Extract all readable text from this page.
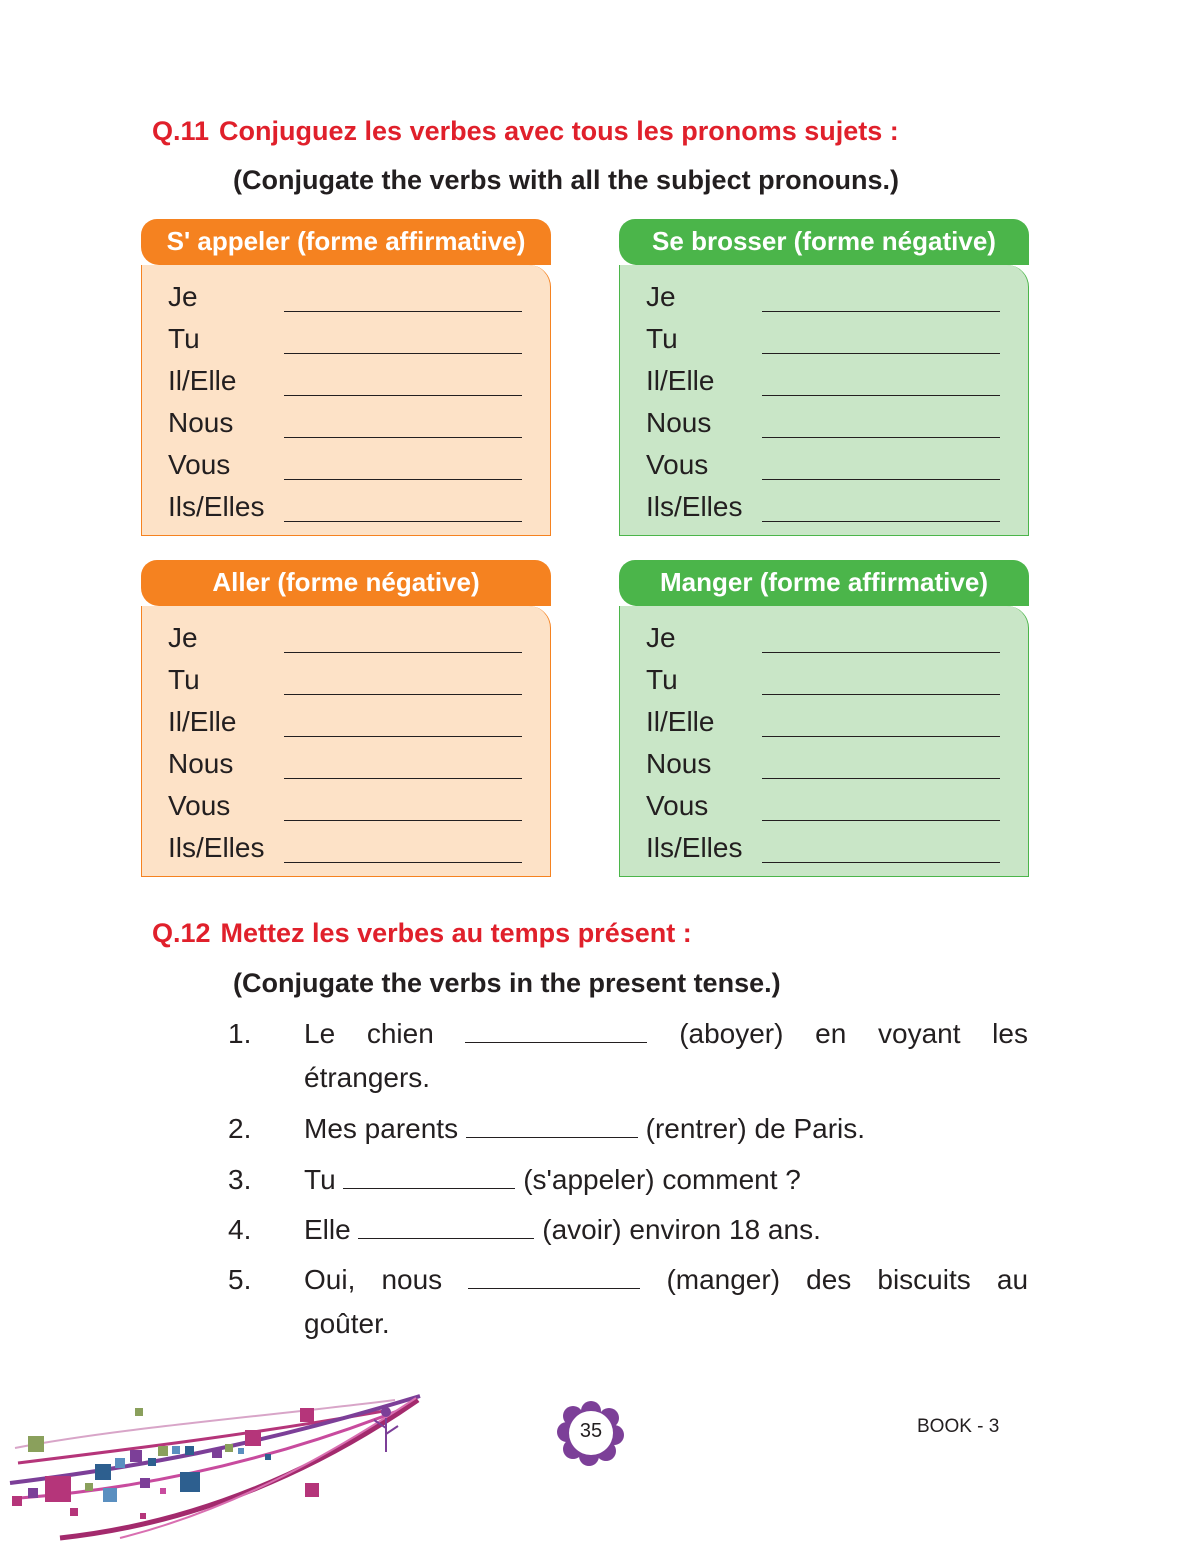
Q.11 Conjuguez les verbes avec tous les pronoms sujets :
(Conjugate the verbs with all the subject pronouns.)
S' appeler (forme affirmative)
Je
Tu
Il/Elle
Nous
Vous
Ils/Elles
Se brosser (forme négative)
Je
Tu
Il/Elle
Nous
Vous
Ils/Elles
Aller (forme négative)
Je
Tu
Il/Elle
Nous
Vous
Ils/Elles
Manger (forme affirmative)
Je
Tu
Il/Elle
Nous
Vous
Ils/Elles
Q.12 Mettez les verbes au temps présent :
(Conjugate the verbs in the present tense.)
1. Le chien	(aboyer) en voyant les
étrangers.
2. Mes parents	(rentrer) de Paris.
3. Tu	(s'appeler) comment ?
4. Elle	(avoir) environ 18 ans.
5. Oui, nous	(manger) des biscuits au
goûter.
35	BOOK - 3
